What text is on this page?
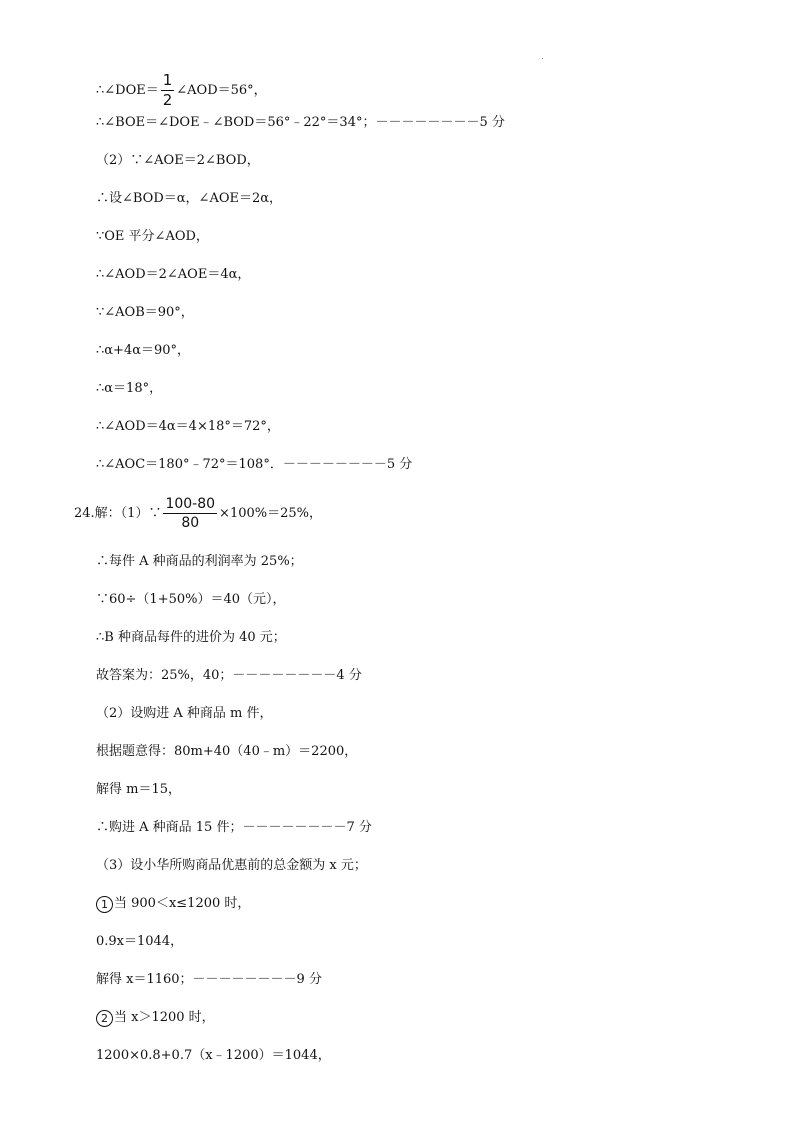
∴∠DOE＝ $\frac{1}{2}$ ∠AOD＝56°，
∴∠BOE＝∠DOE﹣∠BOD＝56°﹣22°＝34°；－－－－－－－－5 分
（2）∵∠AOE＝2∠BOD，
∴设∠BOD＝α，∠AOE＝2α，
∵OE 平分∠AOD，
∴∠AOD＝2∠AOE＝4α，
∵∠AOB＝90°，
∴α+4α＝90°，
∴α＝18°，
∴∠AOD＝4α＝4×18°＝72°，
∴∠AOC＝180°﹣72°＝108°．－－－－－－－－5 分
24.解：（1）∵ $\frac{100-80}{80} \times 100\%=25\%$，
∴每件 A 种商品的利润率为 25%；
∵60÷（1+50%）＝40（元），
∴B 种商品每件的进价为 40 元；
故答案为：25%，40；－－－－－－－－4 分
（2）设购进 A 种商品 m 件，
根据题意得：80m+40（40﹣m）＝2200，
解得 m＝15，
∴购进 A 种商品 15 件；－－－－－－－－7 分
（3）设小华所购商品优惠前的总金额为 x 元；
1 当 900＜x≤1200 时，
0.9x＝1044，
解得 x＝1160；－－－－－－－－9 分
2 当 x＞1200 时，
1200×0.8+0.7（x﹣1200）＝1044，
